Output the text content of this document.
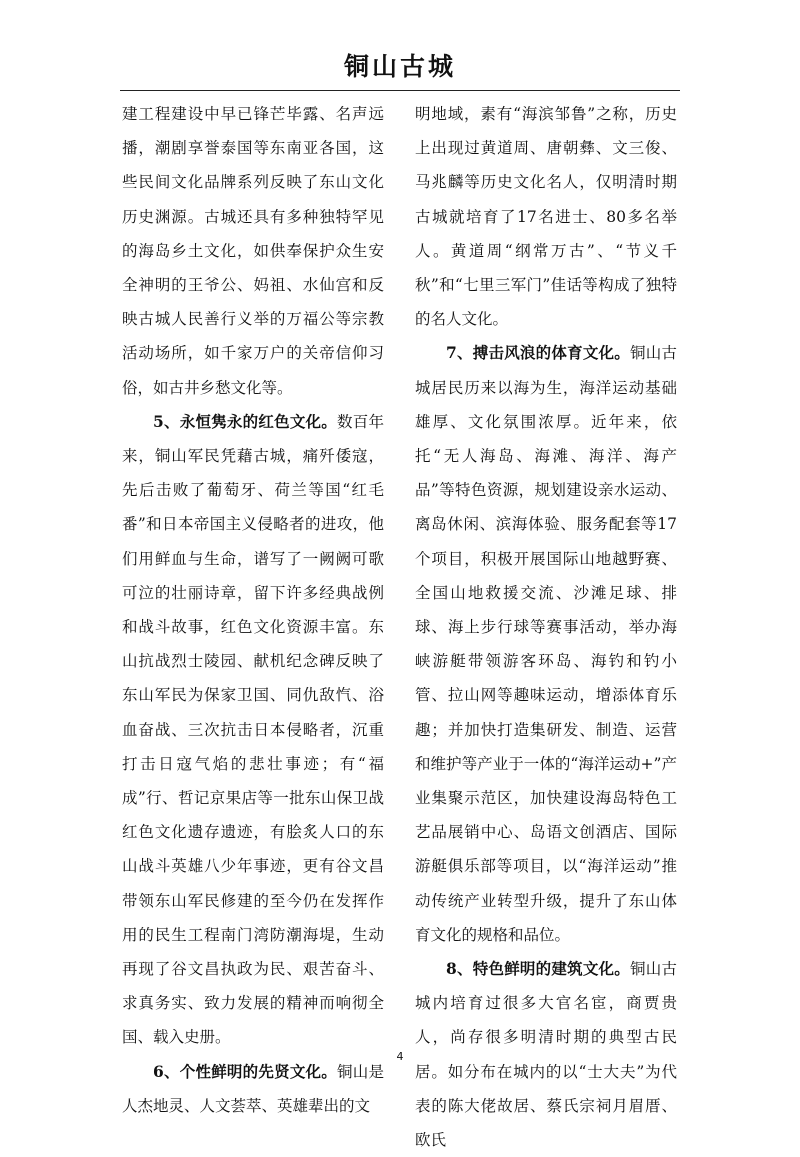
铜山古城

建工程建设中早已锋芒毕露、名声远播，潮剧享誉泰国等东南亚各国，这些民间文化品牌系列反映了东山文化历史渊源。古城还具有多种独特罕见的海岛乡土文化，如供奉保护众生安全神明的王爷公、妈祖、水仙宫和反映古城人民善行义举的万福公等宗教活动场所，如千家万户的关帝信仰习俗，如古井乡愁文化等。

5、永恒隽永的红色文化。数百年来，铜山军民凭藉古城，痛歼倭寇，先后击败了葡萄牙、荷兰等国“红毛番”和日本帝国主义侵略者的进攻，他们用鲜血与生命，谱写了一阙阙可歌可泣的壮丽诗章，留下许多经典战例和战斗故事，红色文化资源丰富。东山抗战烈士陵园、献机纪念碑反映了东山军民为保家卫国、同仇敌忾、浴血奋战、三次抗击日本侵略者，沉重打击日寇气焰的悲壮事迹；有“福成”行、哲记京果店等一批东山保卫战红色文化遗存遗迹，有脍炙人口的东山战斗英雄八少年事迹，更有谷文昌带领东山军民修建的至今仍在发挥作用的民生工程南门湾防潮海堤，生动再现了谷文昌执政为民、艰苦奋斗、求真务实、致力发展的精神而响彻全国、载入史册。

6、个性鲜明的先贤文化。铜山是人杰地灵、人文荟萃、英雄辈出的文

明地域，素有“海滨邹鲁”之称，历史上出现过黄道周、唐朝彝、文三俊、马兆麟等历史文化名人，仅明清时期古城就培育了17名进士、80多名举人。黄道周“纲常万古”、“节义千秋”和“七里三军门”佳话等构成了独特的名人文化。

7、搏击风浪的体育文化。铜山古城居民历来以海为生，海洋运动基础雄厚、文化氛围浓厚。近年来，依托“无人海岛、海滩、海洋、海产品”等特色资源，规划建设亲水运动、离岛休闲、滨海体验、服务配套等17个项目，积极开展国际山地越野赛、全国山地救援交流、沙滩足球、排球、海上步行球等赛事活动，举办海峡游艇带领游客环岛、海钓和钓小管、拉山网等趣味运动，增添体育乐趣；并加快打造集研发、制造、运营和维护等产业于一体的“海洋运动+”产业集聚示范区，加快建设海岛特色工艺品展销中心、岛语文创酒店、国际游艇俱乐部等项目，以“海洋运动”推动传统产业转型升级，提升了东山体育文化的规格和品位。

8、特色鲜明的建筑文化。铜山古城内培育过很多大官名宦，商贾贵人，尚存很多明清时期的典型古民居。如分布在城内的以“士大夫”为代表的陈大佬故居、蔡氏宗祠月眉厝、欧氏

4
